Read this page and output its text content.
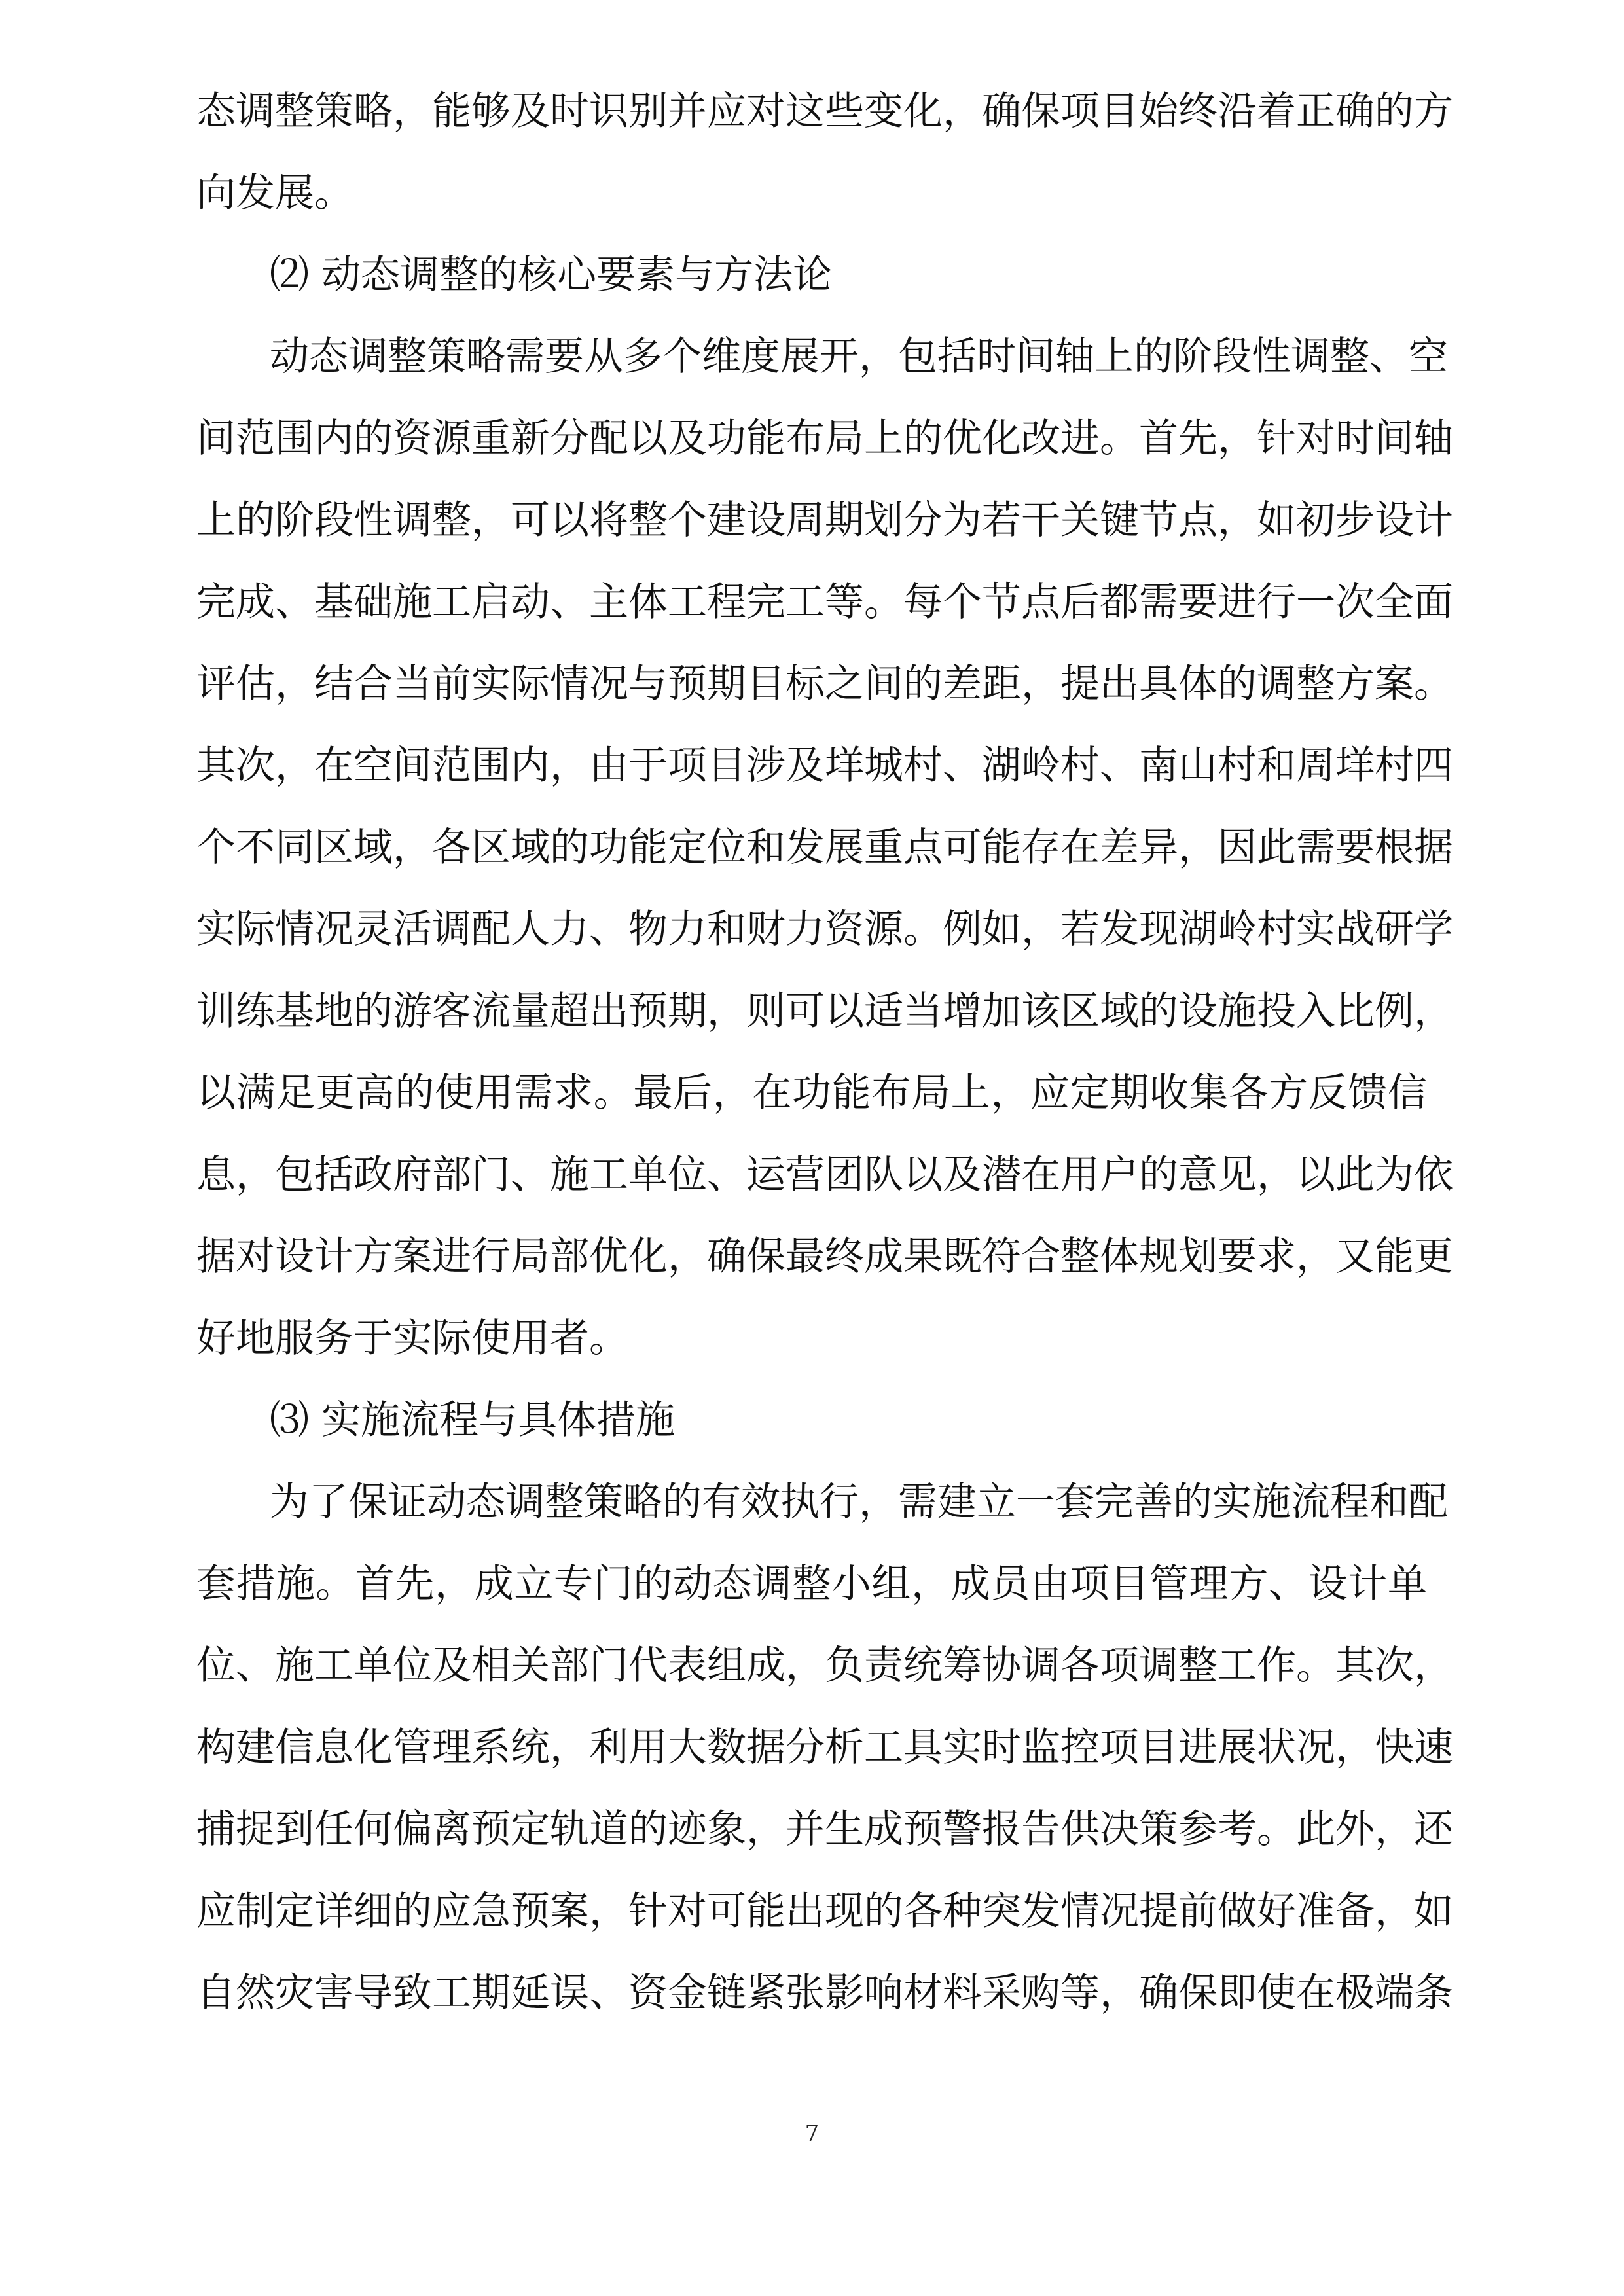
态调整策略，能够及时识别并应对这些变化，确保项目始终沿着正确的方
向发展。
⑵ 动态调整的核心要素与方法论
动态调整策略需要从多个维度展开，包括时间轴上的阶段性调整、空
间范围内的资源重新分配以及功能布局上的优化改进。首先，针对时间轴
上的阶段性调整，可以将整个建设周期划分为若干关键节点，如初步设计
完成、基础施工启动、主体工程完工等。每个节点后都需要进行一次全面
评估，结合当前实际情况与预期目标之间的差距，提出具体的调整方案。
其次，在空间范围内，由于项目涉及垟城村、湖岭村、南山村和周垟村四
个不同区域，各区域的功能定位和发展重点可能存在差异，因此需要根据
实际情况灵活调配人力、物力和财力资源。例如，若发现湖岭村实战研学
训练基地的游客流量超出预期，则可以适当增加该区域的设施投入比例，
以满足更高的使用需求。最后，在功能布局上，应定期收集各方反馈信
息，包括政府部门、施工单位、运营团队以及潜在用户的意见，以此为依
据对设计方案进行局部优化，确保最终成果既符合整体规划要求，又能更
好地服务于实际使用者。
⑶ 实施流程与具体措施
为了保证动态调整策略的有效执行，需建立一套完善的实施流程和配
套措施。首先，成立专门的动态调整小组，成员由项目管理方、设计单
位、施工单位及相关部门代表组成，负责统筹协调各项调整工作。其次，
构建信息化管理系统，利用大数据分析工具实时监控项目进展状况，快速
捕捉到任何偏离预定轨道的迹象，并生成预警报告供决策参考。此外，还
应制定详细的应急预案，针对可能出现的各种突发情况提前做好准备，如
自然灾害导致工期延误、资金链紧张影响材料采购等，确保即使在极端条
7
